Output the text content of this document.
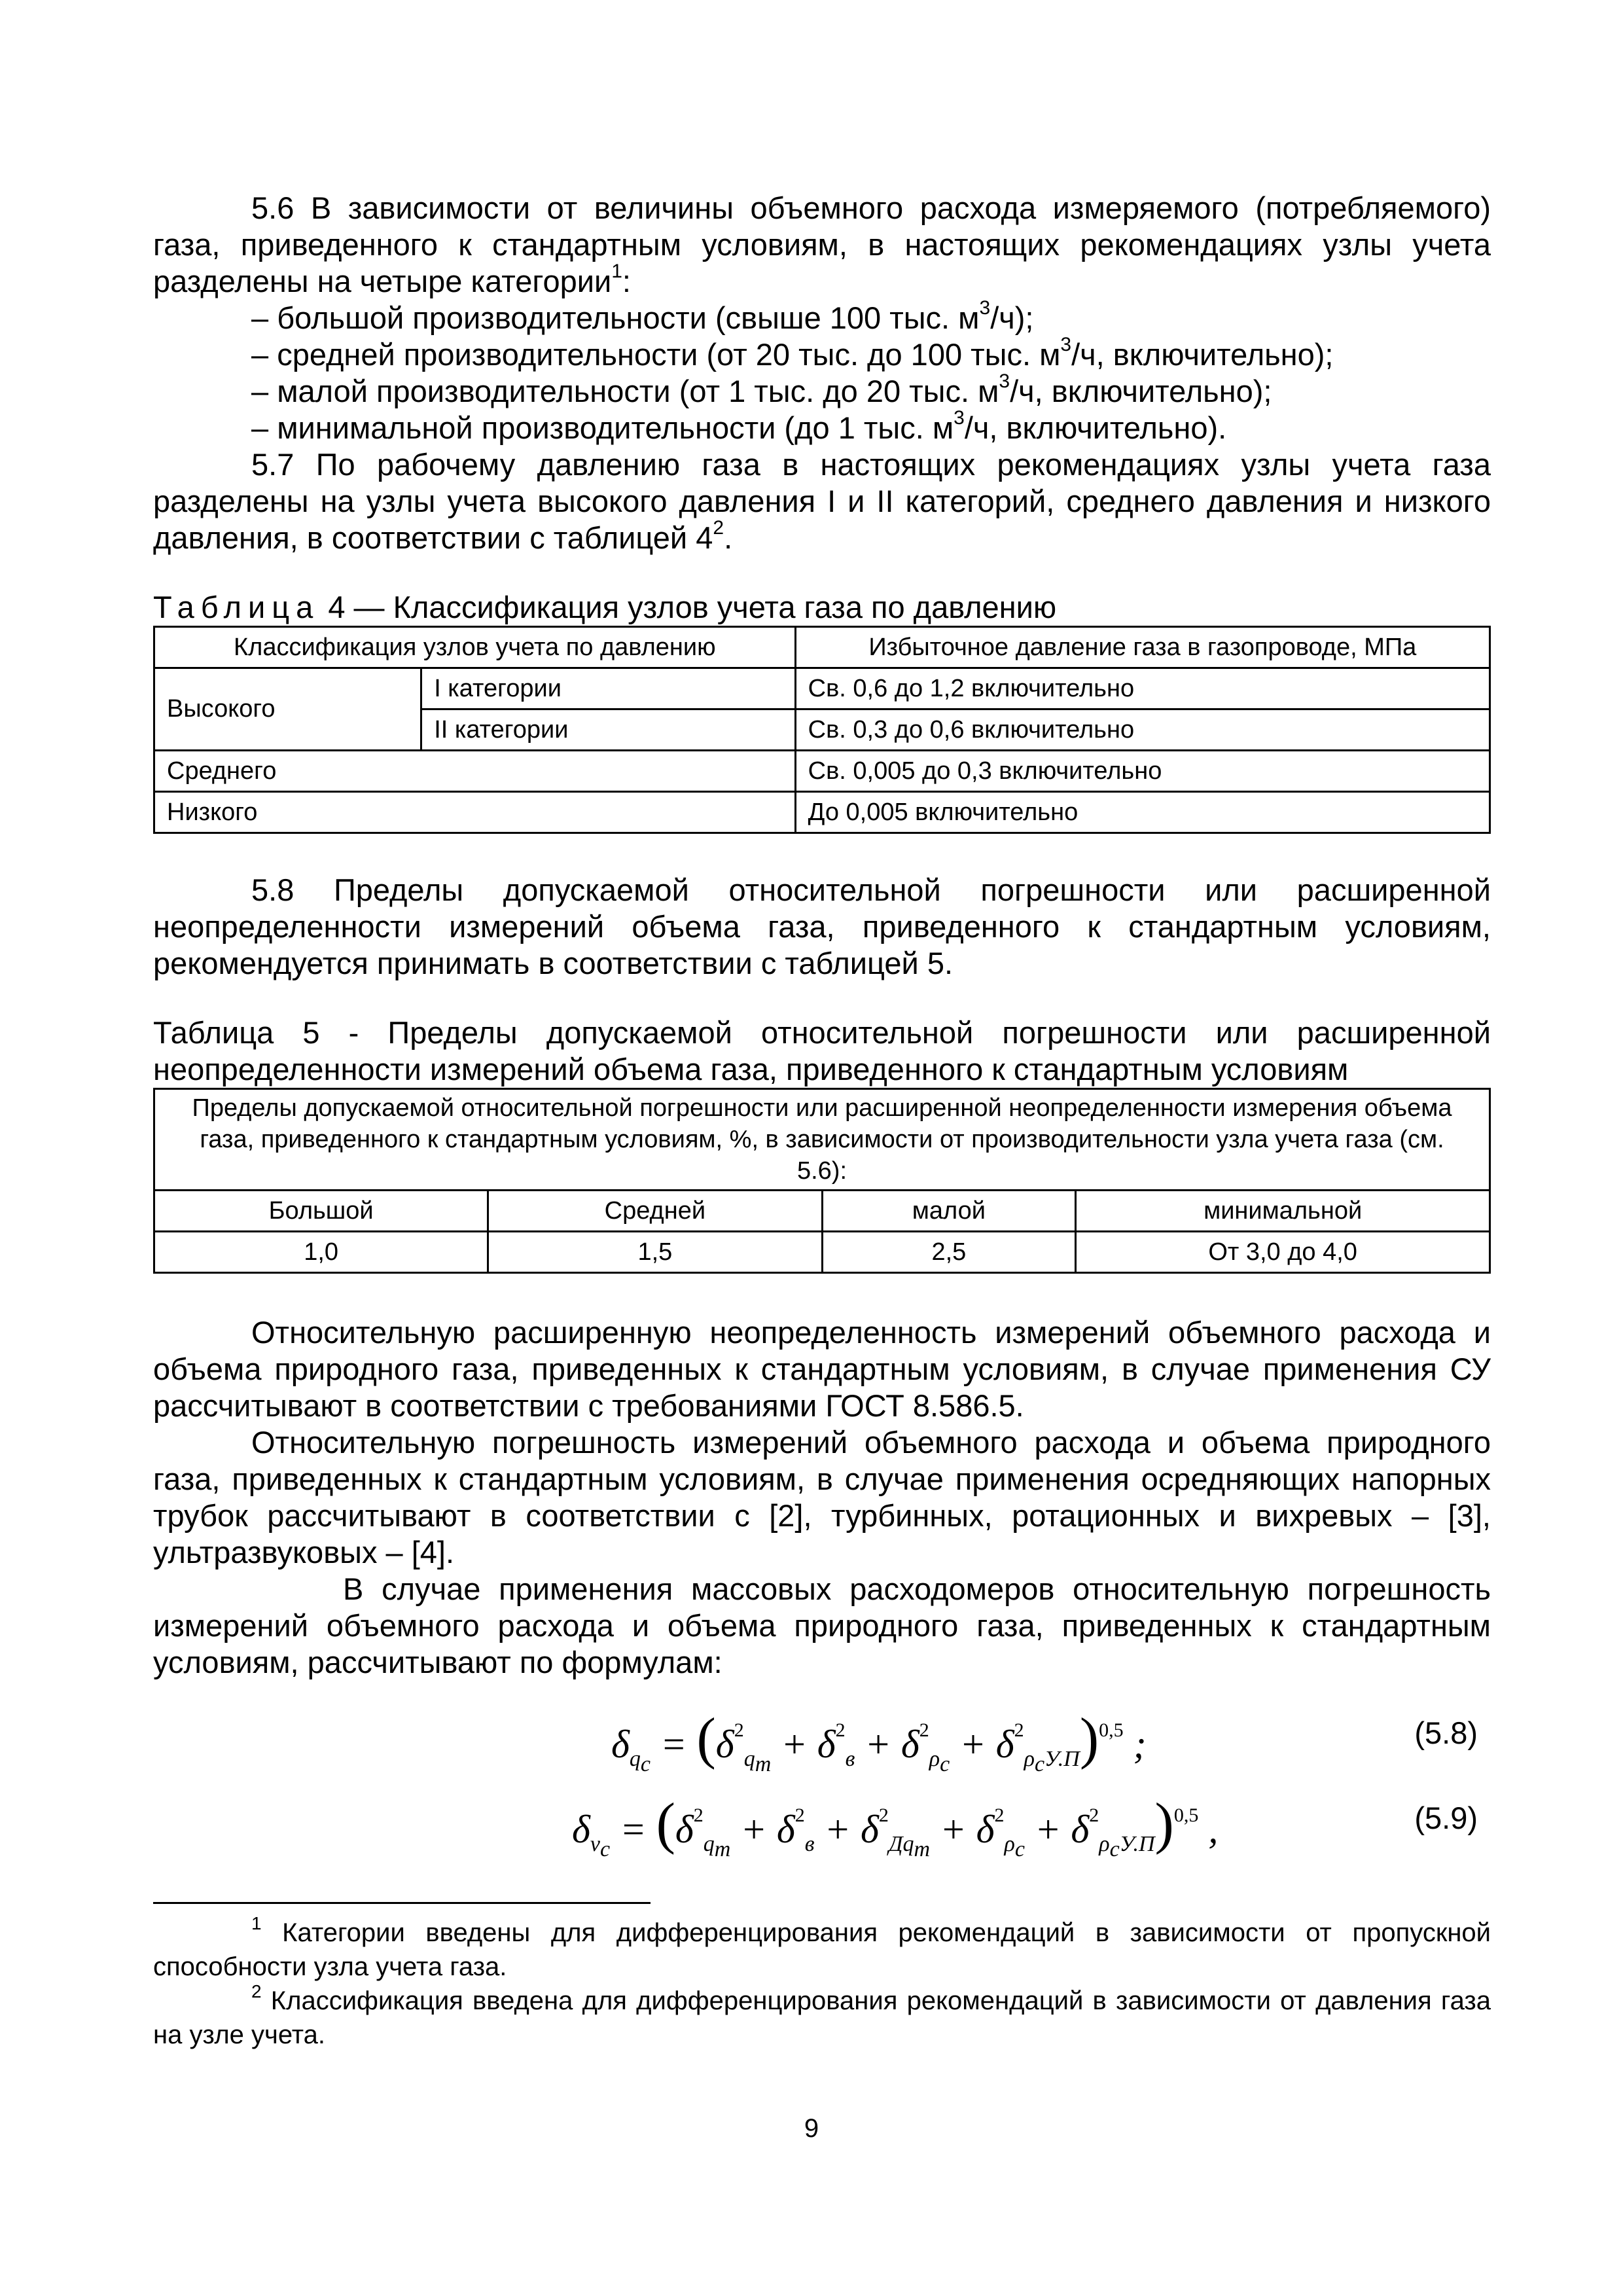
5.6 В зависимости от величины объемного расхода измеряемого (потребляемого) газа, приведенного к стандартным условиям, в настоящих рекомендациях узлы учета разделены на четыре категории$^1$:

– большой производительности (свыше 100 тыс. $м^3/ч$);

– средней производительности (от 20 тыс. до 100 тыс. $м^3/ч$, включительно);

– малой производительности (от 1 тыс. до 20 тыс. $м^3/ч$, включительно);

– минимальной производительности (до 1 тыс. $м^3/ч$, включительно).

5.7 По рабочему давлению газа в настоящих рекомендациях узлы учета газа разделены на узлы учета высокого давления I и II категорий, среднего давления и низкого давления, в соответствии с таблицей $4^2$.

Таблица 4 — Классификация узлов учета газа по давлению

Классификация узлов учета по давлению		Избыточное давление газа в газопроводе, МПа
Высокого	I категории	Св. 0,6 до 1,2 включительно
	II категории	Св. 0,3 до 0,6 включительно
Среднего		Св. 0,005 до 0,3 включительно
Низкого		До 0,005 включительно

5.8 Пределы допускаемой относительной погрешности или расширенной неопределенности измерений объема газа, приведенного к стандартным условиям, рекомендуется принимать в соответствии с таблицей 5.

Таблица 5 - Пределы допускаемой относительной погрешности или расширенной неопределенности измерений объема газа, приведенного к стандартным условиям

Пределы допускаемой относительной погрешности или расширенной неопределенности измерения объема газа, приведенного к стандартным условиям, %, в зависимости от производительности узла учета газа (см. 5.6):			
Большой	Средней	малой	минимальной
1,0	1,5	2,5	От 3,0 до 4,0

Относительную расширенную неопределенность измерений объемного расхода и объема природного газа, приведенных к стандартным условиям, в случае применения СУ рассчитывают в соответствии с требованиями ГОСТ 8.586.5.

Относительную погрешность измерений объемного расхода и объема природного газа, приведенных к стандартным условиям, в случае применения осредняющих напорных трубок рассчитывают в соответствии с [2], турбинных, ротационных и вихревых – [3], ультразвуковых – [4].

В случае применения массовых расходомеров относительную погрешность измерений объемного расхода и объема природного газа, приведенных к стандартным условиям, рассчитывают по формулам:

$\delta_{q_c} = (\delta^2_{q_m} + \delta^2_в + \delta^2_{\rho_c} + \delta^2_{\rho_cУ.П})^{0,5}$ ;	(5.8)
$\delta_{v_c} = (\delta^2_{q_m} + \delta^2_в + \delta^2_{Дq_m} + \delta^2_{\rho_c} + \delta^2_{\rho_cУ.П})^{0,5}$ ,	(5.9)

$^1$ Категории введены для дифференцирования рекомендаций в зависимости от пропускной способности узла учета газа.

$^2$ Классификация введена для дифференцирования рекомендаций в зависимости от давления газа на узле учета.

9
